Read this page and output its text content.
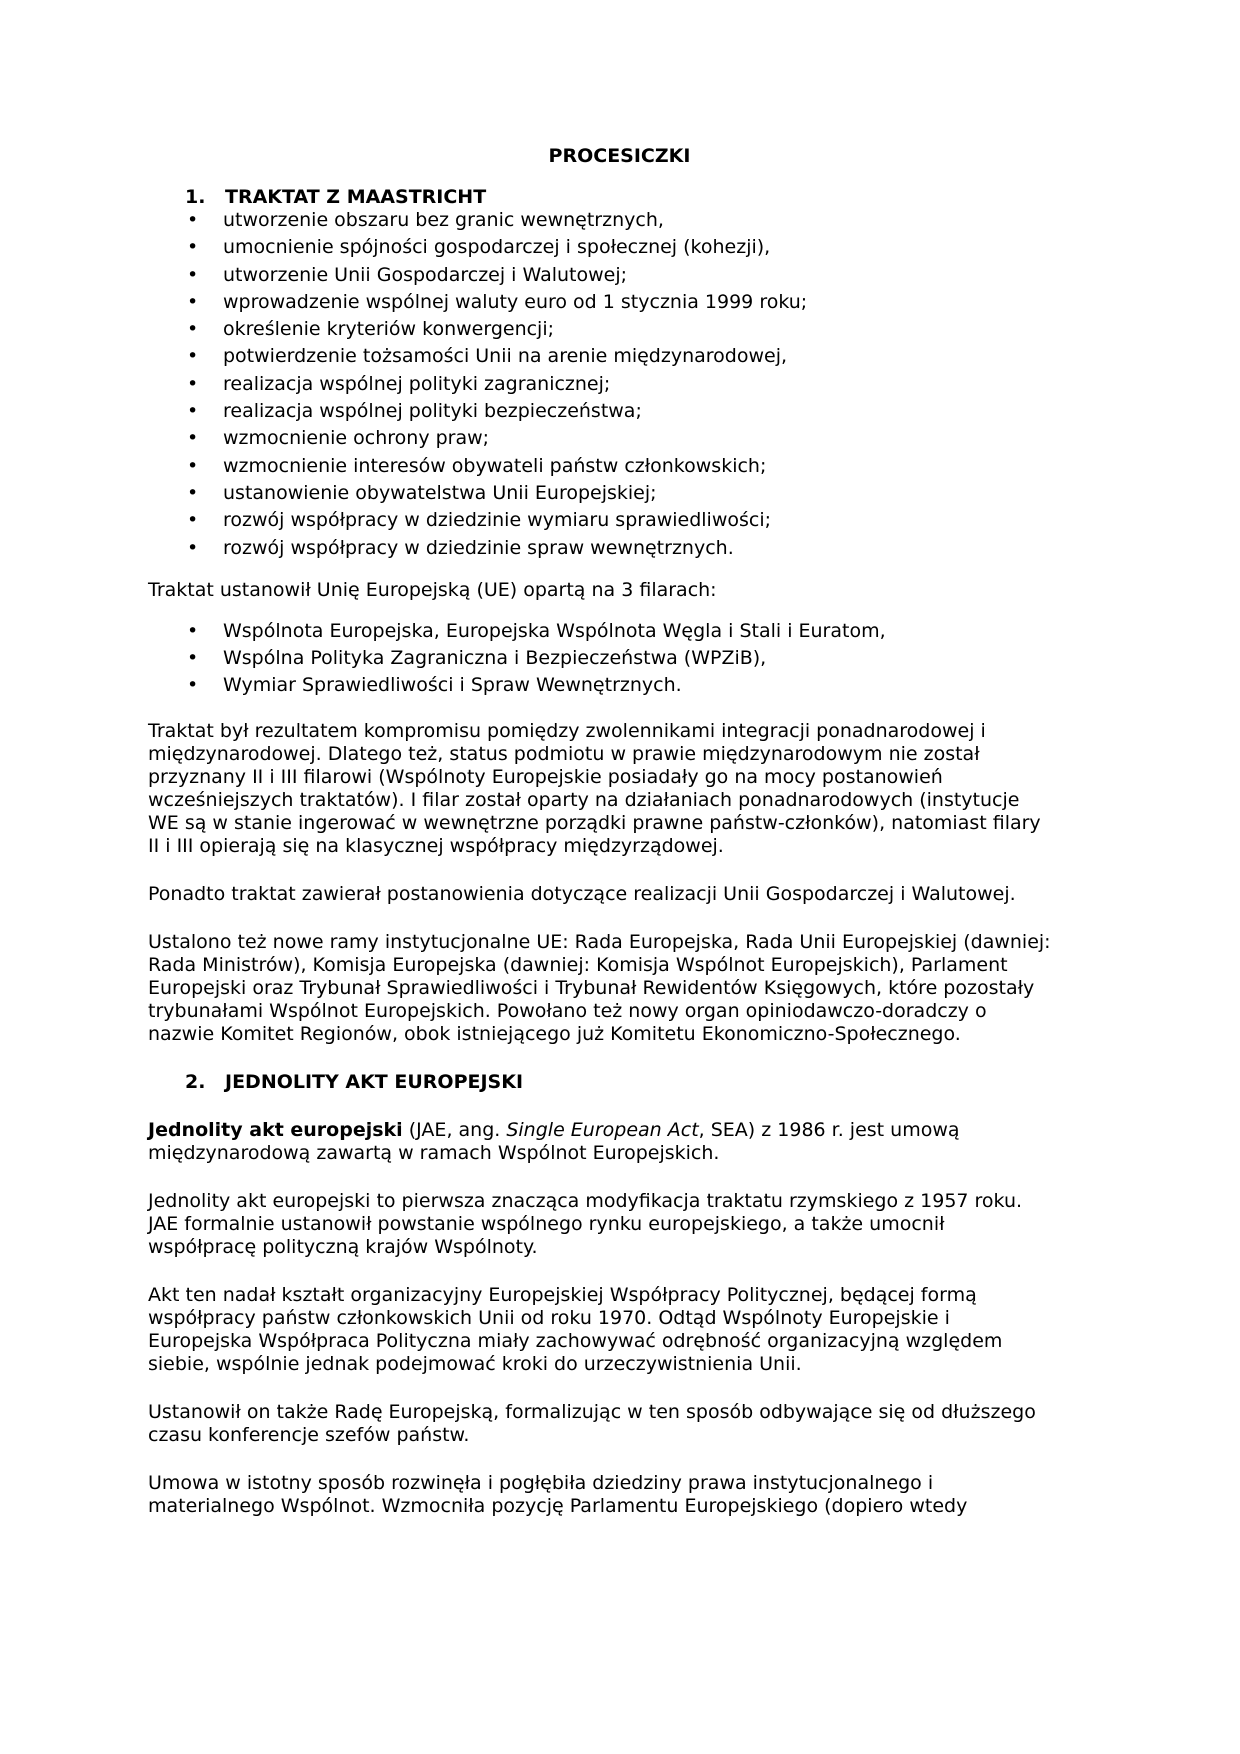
PROCESICZKI

1.	TRAKTAT Z MAASTRICHT
• utworzenie obszaru bez granic wewnętrznych,
• umocnienie spójności gospodarczej i społecznej (kohezji),
• utworzenie Unii Gospodarczej i Walutowej;
• wprowadzenie wspólnej waluty euro od 1 stycznia 1999 roku;
• określenie kryteriów konwergencji;
• potwierdzenie tożsamości Unii na arenie międzynarodowej,
• realizacja wspólnej polityki zagranicznej;
• realizacja wspólnej polityki bezpieczeństwa;
• wzmocnienie ochrony praw;
• wzmocnienie interesów obywateli państw członkowskich;
• ustanowienie obywatelstwa Unii Europejskiej;
• rozwój współpracy w dziedzinie wymiaru sprawiedliwości;
• rozwój współpracy w dziedzinie spraw wewnętrznych.

Traktat ustanowił Unię Europejską (UE) opartą na 3 filarach:

• Wspólnota Europejska, Europejska Wspólnota Węgla i Stali i Euratom,
• Wspólna Polityka Zagraniczna i Bezpieczeństwa (WPZiB),
• Wymiar Sprawiedliwości i Spraw Wewnętrznych.

Traktat był rezultatem kompromisu pomiędzy zwolennikami integracji ponadnarodowej i
międzynarodowej. Dlatego też, status podmiotu w prawie międzynarodowym nie został
przyznany II i III filarowi (Wspólnoty Europejskie posiadały go na mocy postanowień
wcześniejszych traktatów). I filar został oparty na działaniach ponadnarodowych (instytucje
WE są w stanie ingerować w wewnętrzne porządki prawne państw-członków), natomiast filary
II i III opierają się na klasycznej współpracy międzyrządowej.

Ponadto traktat zawierał postanowienia dotyczące realizacji Unii Gospodarczej i Walutowej.

Ustalono też nowe ramy instytucjonalne UE: Rada Europejska, Rada Unii Europejskiej (dawniej:
Rada Ministrów), Komisja Europejska (dawniej: Komisja Wspólnot Europejskich), Parlament
Europejski oraz Trybunał Sprawiedliwości i Trybunał Rewidentów Księgowych, które pozostały
trybunałami Wspólnot Europejskich. Powołano też nowy organ opiniodawczo-doradczy o
nazwie Komitet Regionów, obok istniejącego już Komitetu Ekonomiczno-Społecznego.

2.	JEDNOLITY AKT EUROPEJSKI

Jednolity akt europejski (JAE, ang. Single European Act, SEA) z 1986 r. jest umową
międzynarodową zawartą w ramach Wspólnot Europejskich.

Jednolity akt europejski to pierwsza znacząca modyfikacja traktatu rzymskiego z 1957 roku.
JAE formalnie ustanowił powstanie wspólnego rynku europejskiego, a także umocnił
współpracę polityczną krajów Wspólnoty.

Akt ten nadał kształt organizacyjny Europejskiej Współpracy Politycznej, będącej formą
współpracy państw członkowskich Unii od roku 1970. Odtąd Wspólnoty Europejskie i
Europejska Współpraca Polityczna miały zachowywać odrębność organizacyjną względem
siebie, wspólnie jednak podejmować kroki do urzeczywistnienia Unii.

Ustanowił on także Radę Europejską, formalizując w ten sposób odbywające się od dłuższego
czasu konferencje szefów państw.

Umowa w istotny sposób rozwinęła i pogłębiła dziedziny prawa instytucjonalnego i
materialnego Wspólnot. Wzmocniła pozycję Parlamentu Europejskiego (dopiero wtedy
